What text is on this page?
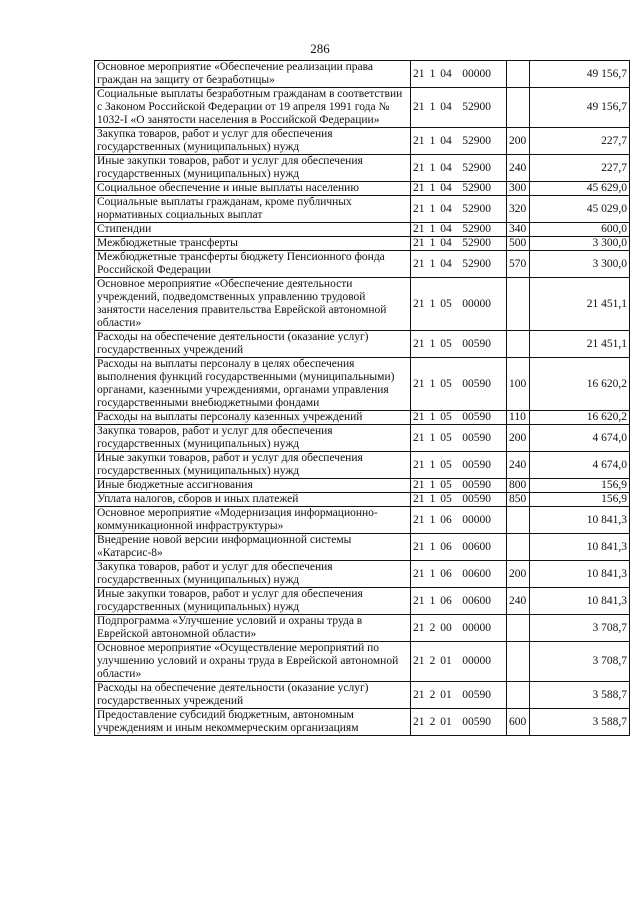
286
Основное мероприятие «Обеспечение реализации права граждан на защиту от безработицы»	21 1 04 00000		49 156,7
Социальные выплаты безработным гражданам в соответствии с Законом Российской Федерации от 19 апреля 1991 года № 1032-I «О занятости населения в Российской Федерации»	21 1 04 52900		49 156,7
Закупка товаров, работ и услуг для обеспечения государственных (муниципальных) нужд	21 1 04 52900	200	227,7
Иные закупки товаров, работ и услуг для обеспечения государственных (муниципальных) нужд	21 1 04 52900	240	227,7
Социальное обеспечение и иные выплаты населению	21 1 04 52900	300	45 629,0
Социальные выплаты гражданам, кроме публичных нормативных социальных выплат	21 1 04 52900	320	45 029,0
Стипендии	21 1 04 52900	340	600,0
Межбюджетные трансферты	21 1 04 52900	500	3 300,0
Межбюджетные трансферты бюджету Пенсионного фонда Российской Федерации	21 1 04 52900	570	3 300,0
Основное мероприятие «Обеспечение деятельности учреждений, подведомственных управлению трудовой занятости населения правительства Еврейской автономной области»	21 1 05 00000		21 451,1
Расходы на обеспечение деятельности (оказание услуг) государственных учреждений	21 1 05 00590		21 451,1
Расходы на выплаты персоналу в целях обеспечения выполнения функций государственными (муниципальными) органами, казенными учреждениями, органами управления государственными внебюджетными фондами	21 1 05 00590	100	16 620,2
Расходы на выплаты персоналу казенных учреждений	21 1 05 00590	110	16 620,2
Закупка товаров, работ и услуг для обеспечения государственных (муниципальных) нужд	21 1 05 00590	200	4 674,0
Иные закупки товаров, работ и услуг для обеспечения государственных (муниципальных) нужд	21 1 05 00590	240	4 674,0
Иные бюджетные ассигнования	21 1 05 00590	800	156,9
Уплата налогов, сборов и иных платежей	21 1 05 00590	850	156,9
Основное мероприятие «Модернизация информационно-коммуникационной инфраструктуры»	21 1 06 00000		10 841,3
Внедрение новой версии информационной системы «Катарсис-8»	21 1 06 00600		10 841,3
Закупка товаров, работ и услуг для обеспечения государственных (муниципальных) нужд	21 1 06 00600	200	10 841,3
Иные закупки товаров, работ и услуг для обеспечения государственных (муниципальных) нужд	21 1 06 00600	240	10 841,3
Подпрограмма «Улучшение условий и охраны труда в Еврейской автономной области»	21 2 00 00000		3 708,7
Основное мероприятие «Осуществление мероприятий по улучшению условий и охраны труда в Еврейской автономной области»	21 2 01 00000		3 708,7
Расходы на обеспечение деятельности (оказание услуг) государственных учреждений	21 2 01 00590		3 588,7
Предоставление субсидий бюджетным, автономным учреждениям и иным некоммерческим организациям	21 2 01 00590	600	3 588,7
